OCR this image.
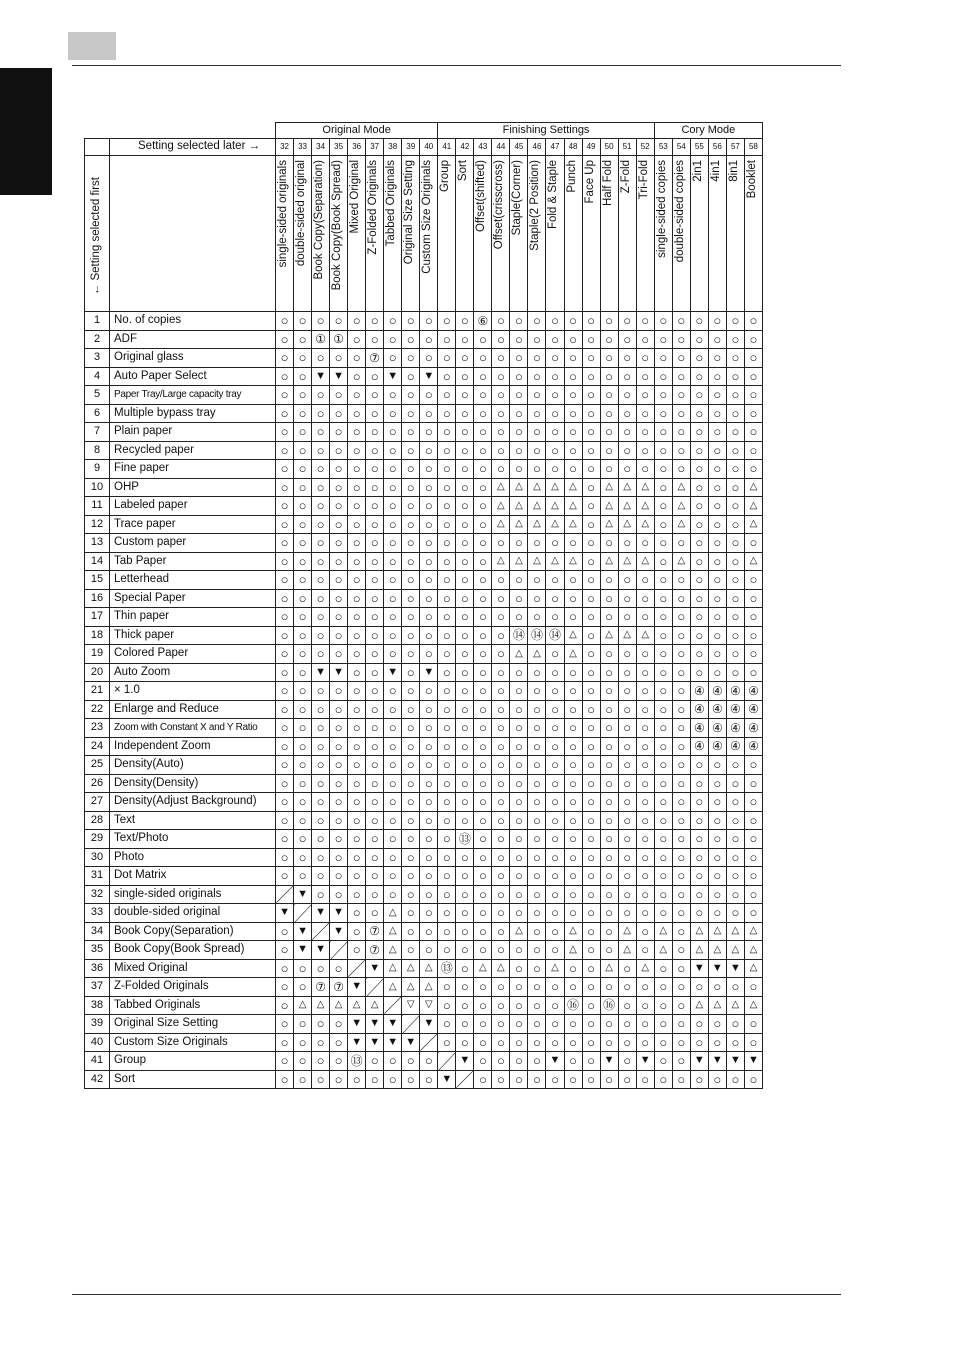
		Original Mode									Finishing Settings												Cory Mode					
	Setting selected later →	32	33	34	35	36	37	38	39	40	41	42	43	44	45	46	47	48	49	50	51	52	53	54	55	56	57	58

← Setting selected first		single-sided originals	double-sided original	Book Copy(Separation)	Book Copy(Book Spread)	Mixed Original	Z-Folded Originals	Tabbed Originals	Original Size Setting	Custom Size Originals	Group	Sort	Offset(shifted)	Offset(crisscross)	Staple(Corner)	Staple(2 Position)	Fold & Staple	Punch	Face Up	Half Fold	Z-Fold	Tri-Fold	single-sided copies	double-sided copies	2in1	4in1	8in1	Booklet

1	No. of copies	○	○	○	○	○	○	○	○	○	○	○	⑥	○	○	○	○	○	○	○	○	○	○	○	○	○	○	○
2	ADF	○	○	①	①	○	○	○	○	○	○	○	○	○	○	○	○	○	○	○	○	○	○	○	○	○	○	○
3	Original glass	○	○	○	○	○	⑦	○	○	○	○	○	○	○	○	○	○	○	○	○	○	○	○	○	○	○	○	○
4	Auto Paper Select	○	○	▼	▼	○	○	▼	○	▼	○	○	○	○	○	○	○	○	○	○	○	○	○	○	○	○	○	○
5	Paper Tray/Large capacity tray	○	○	○	○	○	○	○	○	○	○	○	○	○	○	○	○	○	○	○	○	○	○	○	○	○	○	○
6	Multiple bypass tray	○	○	○	○	○	○	○	○	○	○	○	○	○	○	○	○	○	○	○	○	○	○	○	○	○	○	○
7	Plain paper	○	○	○	○	○	○	○	○	○	○	○	○	○	○	○	○	○	○	○	○	○	○	○	○	○	○	○
8	Recycled paper	○	○	○	○	○	○	○	○	○	○	○	○	○	○	○	○	○	○	○	○	○	○	○	○	○	○	○
9	Fine paper	○	○	○	○	○	○	○	○	○	○	○	○	○	○	○	○	○	○	○	○	○	○	○	○	○	○	○
10	OHP	○	○	○	○	○	○	○	○	○	○	○	○	△	△	△	△	△	○	△	△	△	○	△	○	○	○	△
11	Labeled paper	○	○	○	○	○	○	○	○	○	○	○	○	△	△	△	△	△	○	△	△	△	○	△	○	○	○	△
12	Trace paper	○	○	○	○	○	○	○	○	○	○	○	○	△	△	△	△	△	○	△	△	△	○	△	○	○	○	△
13	Custom paper	○	○	○	○	○	○	○	○	○	○	○	○	○	○	○	○	○	○	○	○	○	○	○	○	○	○	○
14	Tab Paper	○	○	○	○	○	○	○	○	○	○	○	○	△	△	△	△	△	○	△	△	△	○	△	○	○	○	△
15	Letterhead	○	○	○	○	○	○	○	○	○	○	○	○	○	○	○	○	○	○	○	○	○	○	○	○	○	○	○
16	Special Paper	○	○	○	○	○	○	○	○	○	○	○	○	○	○	○	○	○	○	○	○	○	○	○	○	○	○	○
17	Thin paper	○	○	○	○	○	○	○	○	○	○	○	○	○	○	○	○	○	○	○	○	○	○	○	○	○	○	○
18	Thick paper	○	○	○	○	○	○	○	○	○	○	○	○	○	⑭	⑭	⑭	△	○	△	△	△	○	○	○	○	○	○
19	Colored Paper	○	○	○	○	○	○	○	○	○	○	○	○	○	△	△	○	△	○	○	○	○	○	○	○	○	○	○
20	Auto Zoom	○	○	▼	▼	○	○	▼	○	▼	○	○	○	○	○	○	○	○	○	○	○	○	○	○	○	○	○	○
21	× 1.0	○	○	○	○	○	○	○	○	○	○	○	○	○	○	○	○	○	○	○	○	○	○	○	④	④	④	④
22	Enlarge and Reduce	○	○	○	○	○	○	○	○	○	○	○	○	○	○	○	○	○	○	○	○	○	○	○	④	④	④	④
23	Zoom with Constant X and Y Ratio	○	○	○	○	○	○	○	○	○	○	○	○	○	○	○	○	○	○	○	○	○	○	○	④	④	④	④
24	Independent Zoom	○	○	○	○	○	○	○	○	○	○	○	○	○	○	○	○	○	○	○	○	○	○	○	④	④	④	④
25	Density(Auto)	○	○	○	○	○	○	○	○	○	○	○	○	○	○	○	○	○	○	○	○	○	○	○	○	○	○	○
26	Density(Density)	○	○	○	○	○	○	○	○	○	○	○	○	○	○	○	○	○	○	○	○	○	○	○	○	○	○	○
27	Density(Adjust Background)	○	○	○	○	○	○	○	○	○	○	○	○	○	○	○	○	○	○	○	○	○	○	○	○	○	○	○
28	Text	○	○	○	○	○	○	○	○	○	○	○	○	○	○	○	○	○	○	○	○	○	○	○	○	○	○	○
29	Text/Photo	○	○	○	○	○	○	○	○	○	○	⑬	○	○	○	○	○	○	○	○	○	○	○	○	○	○	○	○
30	Photo	○	○	○	○	○	○	○	○	○	○	○	○	○	○	○	○	○	○	○	○	○	○	○	○	○	○	○
31	Dot Matrix	○	○	○	○	○	○	○	○	○	○	○	○	○	○	○	○	○	○	○	○	○	○	○	○	○	○	○
32	single-sided originals		▼	○	○	○	○	○	○	○	○	○	○	○	○	○	○	○	○	○	○	○	○	○	○	○	○	○
33	double-sided original	▼		▼	▼	○	○	△	○	○	○	○	○	○	○	○	○	○	○	○	○	○	○	○	○	○	○	○
34	Book Copy(Separation)	○	▼		▼	○	⑦	△	○	○	○	○	○	○	△	○	○	△	○	○	△	○	△	○	△	△	△	△
35	Book Copy(Book Spread)	○	▼	▼		○	⑦	△	○	○	○	○	○	○	○	○	○	△	○	○	△	○	△	○	△	△	△	△
36	Mixed Original	○	○	○	○		▼	△	△	△	⑬	○	△	△	○	○	△	○	○	△	○	△	○	○	▼	▼	▼	△
37	Z-Folded Originals	○	○	⑦	⑦	▼		△	△	△	○	○	○	○	○	○	○	○	○	○	○	○	○	○	○	○	○	○
38	Tabbed Originals	○	△	△	△	△	△		▽	▽	○	○	○	○	○	○	○	⑯	○	⑯	○	○	○	○	△	△	△	△
39	Original Size Setting	○	○	○	○	▼	▼	▼		▼	○	○	○	○	○	○	○	○	○	○	○	○	○	○	○	○	○	○
40	Custom Size Originals	○	○	○	○	▼	▼	▼	▼		○	○	○	○	○	○	○	○	○	○	○	○	○	○	○	○	○	○
41	Group	○	○	○	○	⑬	○	○	○	○		▼	○	○	○	○	▼	○	○	▼	○	▼	○	○	▼	▼	▼	▼
42	Sort	○	○	○	○	○	○	○	○	○	▼		○	○	○	○	○	○	○	○	○	○	○	○	○	○	○	○
